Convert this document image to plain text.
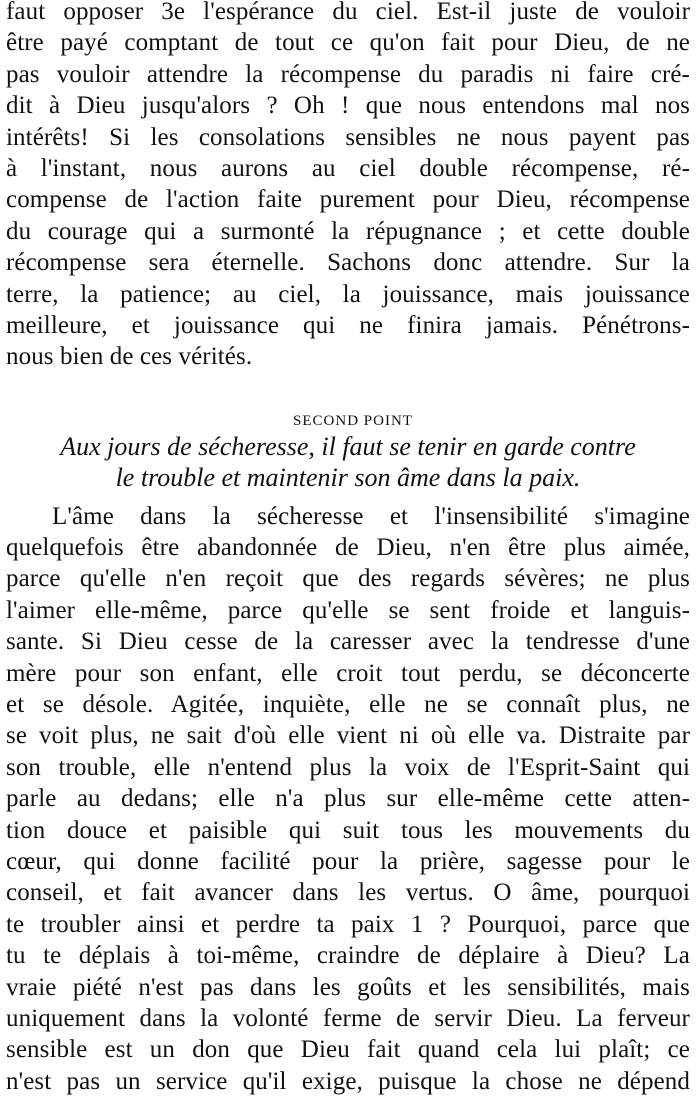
faut opposer 3e l'espérance du ciel. Est-il juste de vouloir
être payé comptant de tout ce qu'on fait pour Dieu, de ne
pas vouloir attendre la récompense du paradis ni faire cré-
dit à Dieu jusqu'alors ? Oh ! que nous entendons mal nos
intérêts! Si les consolations sensibles ne nous payent pas
à l'instant, nous aurons au ciel double récompense, ré-
compense de l'action faite purement pour Dieu, récompense
du courage qui a surmonté la répugnance ; et cette double
récompense sera éternelle. Sachons donc attendre. Sur la
terre, la patience; au ciel, la jouissance, mais jouissance
meilleure, et jouissance qui ne finira jamais. Pénétrons-
nous bien de ces vérités.
SECOND POINT
Aux jours de sécheresse, il faut se tenir en garde contre
le trouble et maintenir son âme dans la paix.
L'âme dans la sécheresse et l'insensibilité s'imagine
quelquefois être abandonnée de Dieu, n'en être plus aimée,
parce qu'elle n'en reçoit que des regards sévères; ne plus
l'aimer elle-même, parce qu'elle se sent froide et languis-
sante. Si Dieu cesse de la caresser avec la tendresse d'une
mère pour son enfant, elle croit tout perdu, se déconcerte
et se désole. Agitée, inquiète, elle ne se connaît plus, ne
se voit plus, ne sait d'où elle vient ni où elle va. Distraite par
son trouble, elle n'entend plus la voix de l'Esprit-Saint qui
parle au dedans; elle n'a plus sur elle-même cette atten-
tion douce et paisible qui suit tous les mouvements du
cœur, qui donne facilité pour la prière, sagesse pour le
conseil, et fait avancer dans les vertus. O âme, pourquoi
te troubler ainsi et perdre ta paix 1 ? Pourquoi, parce que
tu te déplais à toi-même, craindre de déplaire à Dieu? La
vraie piété n'est pas dans les goûts et les sensibilités, mais
uniquement dans la volonté ferme de servir Dieu. La ferveur
sensible est un don que Dieu fait quand cela lui plaît; ce
n'est pas un service qu'il exige, puisque la chose ne dépend
